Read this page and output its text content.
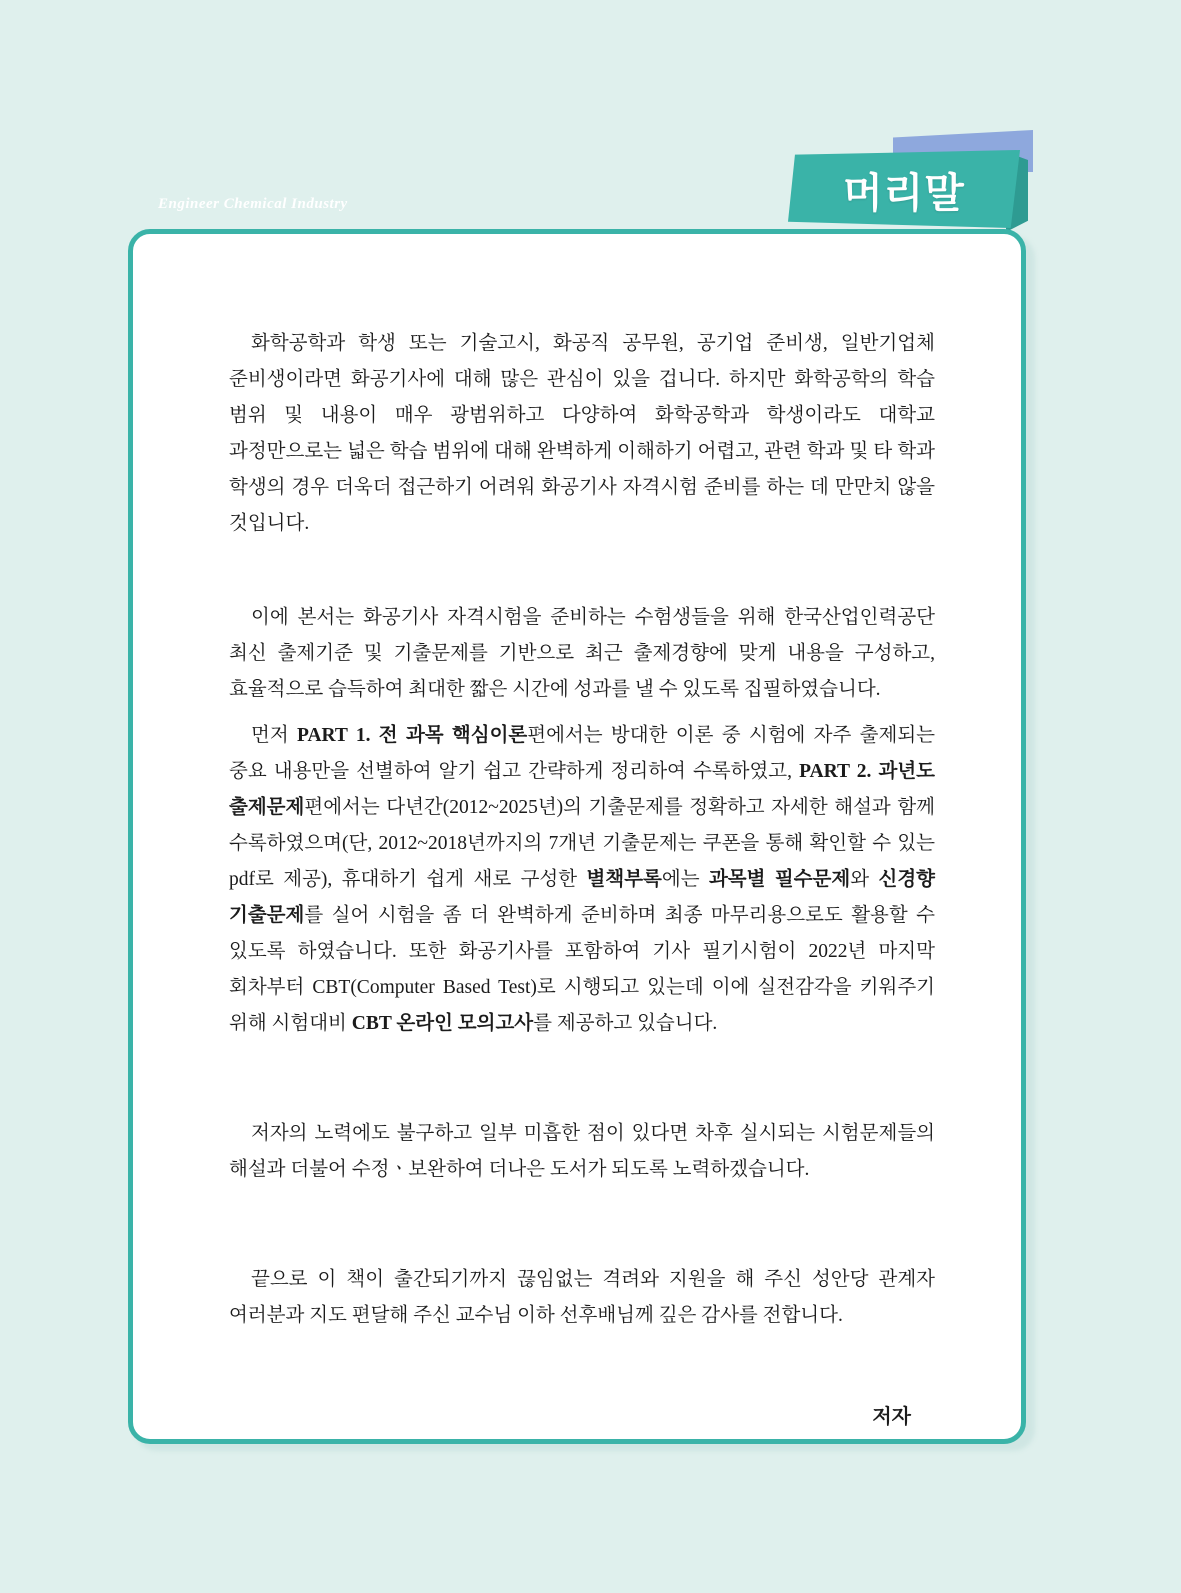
Engineer Chemical Industry	머리말

화학공학과 학생 또는 기술고시, 화공직 공무원, 공기업 준비생, 일반기업체 준비생이라면 화공기사에 대해 많은 관심이 있을 겁니다. 하지만 화학공학의 학습 범위 및 내용이 매우 광범위하고 다양하여 화학공학과 학생이라도 대학교 과정만으로는 넓은 학습 범위에 대해 완벽하게 이해하기 어렵고, 관련 학과 및 타 학과 학생의 경우 더욱더 접근하기 어려워 화공기사 자격시험 준비를 하는 데 만만치 않을 것입니다.

이에 본서는 화공기사 자격시험을 준비하는 수험생들을 위해 한국산업인력공단 최신 출제기준 및 기출문제를 기반으로 최근 출제경향에 맞게 내용을 구성하고, 효율적으로 습득하여 최대한 짧은 시간에 성과를 낼 수 있도록 집필하였습니다.

먼저 PART 1. 전 과목 핵심이론편에서는 방대한 이론 중 시험에 자주 출제되는 중요 내용만을 선별하여 알기 쉽고 간략하게 정리하여 수록하였고, PART 2. 과년도 출제문제편에서는 다년간(2012~2025년)의 기출문제를 정확하고 자세한 해설과 함께 수록하였으며(단, 2012~2018년까지의 7개년 기출문제는 쿠폰을 통해 확인할 수 있는 pdf로 제공), 휴대하기 쉽게 새로 구성한 별책부록에는 과목별 필수문제와 신경향 기출문제를 실어 시험을 좀 더 완벽하게 준비하며 최종 마무리용으로도 활용할 수 있도록 하였습니다. 또한 화공기사를 포함하여 기사 필기시험이 2022년 마지막 회차부터 CBT(Computer Based Test)로 시행되고 있는데 이에 실전감각을 키워주기 위해 시험대비 CBT 온라인 모의고사를 제공하고 있습니다.

저자의 노력에도 불구하고 일부 미흡한 점이 있다면 차후 실시되는 시험문제들의 해설과 더불어 수정ㆍ보완하여 더나은 도서가 되도록 노력하겠습니다.

끝으로 이 책이 출간되기까지 끊임없는 격려와 지원을 해 주신 성안당 관계자 여러분과 지도 편달해 주신 교수님 이하 선후배님께 깊은 감사를 전합니다.

저자
